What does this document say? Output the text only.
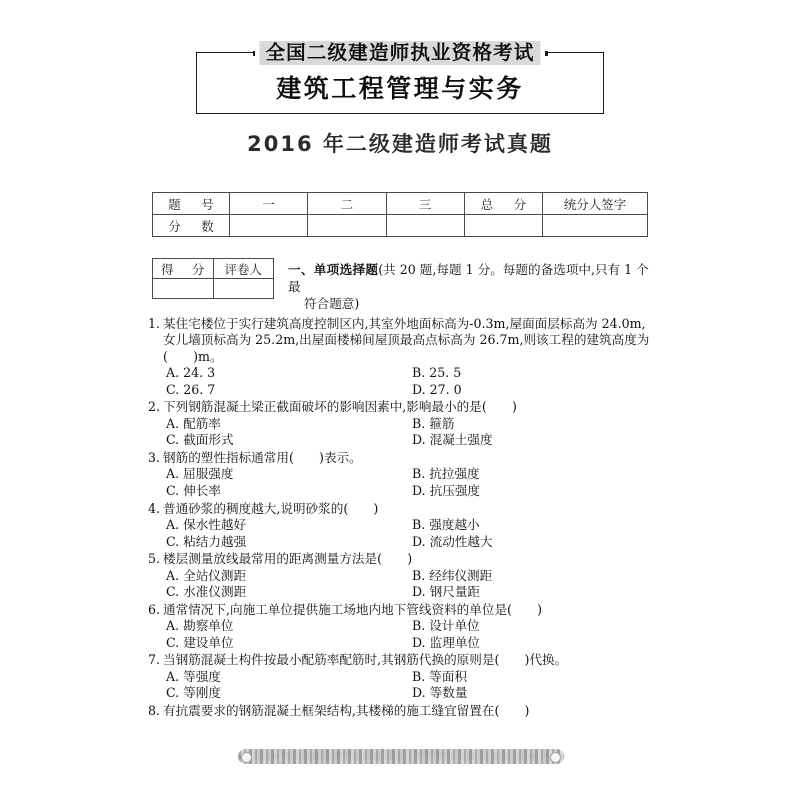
全国二级建造师执业资格考试
建筑工程管理与实务
2016 年二级建造师考试真题
题　号	一	二	三	总　分	统分人签字
分　数					
得　分	评卷人
	一、单项选择题(共 20 题,每题 1 分。每题的备选项中,只有 1 个最
符合题意)
1. 某住宅楼位于实行建筑高度控制区内,其室外地面标高为-0.3m,屋面面层标高为 24.0m,
女儿墙顶标高为 25.2m,出屋面楼梯间屋顶最高点标高为 26.7m,则该工程的建筑高度为
(　　)m。
A. 24. 3	B. 25. 5
C. 26. 7	D. 27. 0
2. 下列钢筋混凝土梁正截面破坏的影响因素中,影响最小的是(　　)
A. 配筋率	B. 箍筋
C. 截面形式	D. 混凝土强度
3. 钢筋的塑性指标通常用(　　)表示。
A. 屈服强度	B. 抗拉强度
C. 伸长率	D. 抗压强度
4. 普通砂浆的稠度越大,说明砂浆的(　　)
A. 保水性越好	B. 强度越小
C. 粘结力越强	D. 流动性越大
5. 楼层测量放线最常用的距离测量方法是(　　)
A. 全站仪测距	B. 经纬仪测距
C. 水准仪测距	D. 钢尺量距
6. 通常情况下,向施工单位提供施工场地内地下管线资料的单位是(　　)
A. 勘察单位	B. 设计单位
C. 建设单位	D. 监理单位
7. 当钢筋混凝土构件按最小配筋率配筋时,其钢筋代换的原则是(　　)代换。
A. 等强度	B. 等面积
C. 等刚度	D. 等数量
8. 有抗震要求的钢筋混凝土框架结构,其楼梯的施工缝宜留置在(　　)
2016 年二级建造师考试真题 建筑工程管理与实务 第 1 页 共 8 页
